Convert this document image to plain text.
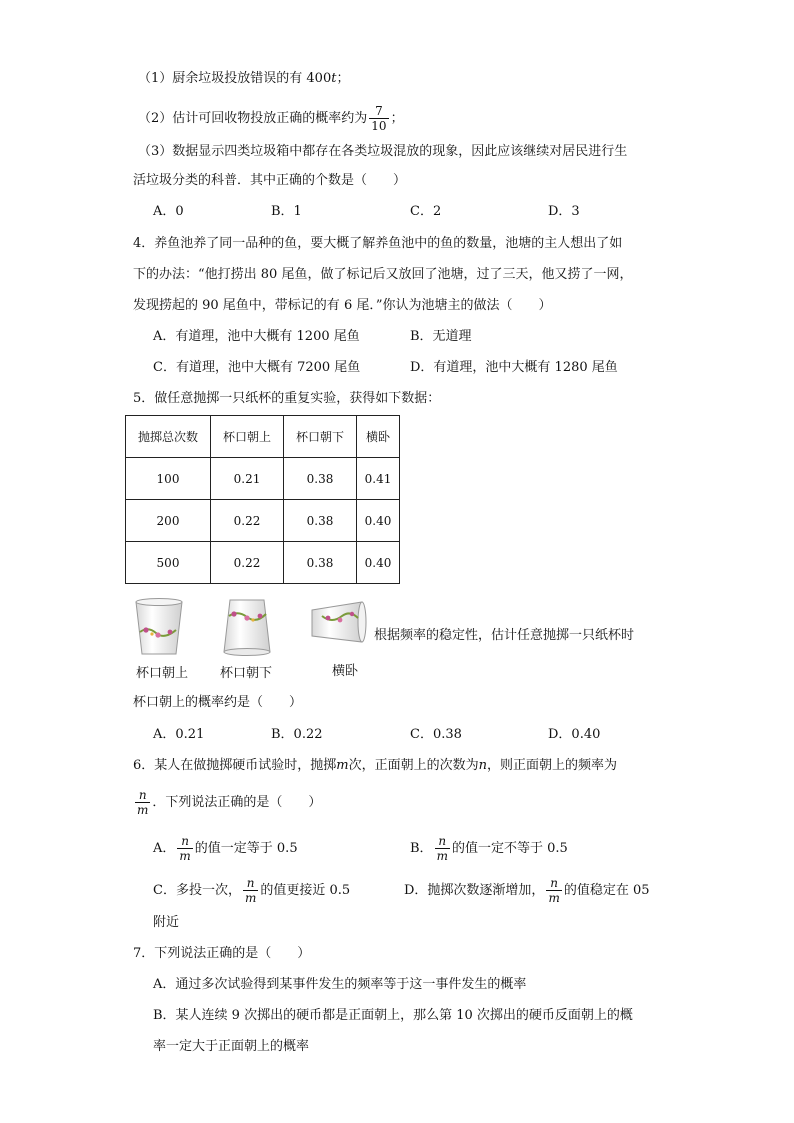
（1）厨余垃圾投放错误的有 400t；
（2）估计可回收物投放正确的概率约为 $\frac{7}{10}$ ；
（3）数据显示四类垃圾箱中都存在各类垃圾混放的现象，因此应该继续对居民进行生
活垃圾分类的科普．其中正确的个数是（　　）
A．0	B．1	C．2	D．3
4．养鱼池养了同一品种的鱼，要大概了解养鱼池中的鱼的数量，池塘的主人想出了如
下的办法：“他打捞出 80 尾鱼，做了标记后又放回了池塘，过了三天，他又捞了一网，
发现捞起的 90 尾鱼中，带标记的有 6 尾．”你认为池塘主的做法（　　）
A．有道理，池中大概有 1200 尾鱼	B．无道理
C．有道理，池中大概有 7200 尾鱼	D．有道理，池中大概有 1280 尾鱼
5．做任意抛掷一只纸杯的重复实验，获得如下数据：
抛掷总次数	杯口朝上	杯口朝下	横卧
100	0.21	0.38	0.41
200	0.22	0.38	0.40
500	0.22	0.38	0.40
杯口朝上 杯口朝下	横卧
根据频率的稳定性，估计任意抛掷一只纸杯时
杯口朝上的概率约是（　　）
A．0.21	B．0.22	C．0.38	D．0.40
6．某人在做抛掷硬币试验时，抛掷m次，正面朝上的次数为n，则正面朝上的频率为
$\frac{n}{m}$ ．下列说法正确的是（　　）
A． $\frac{n}{m}$ 的值一定等于 0.5	B． $\frac{n}{m}$ 的值一定不等于 0.5
C．多投一次， $\frac{n}{m}$ 的值更接近 0.5	D．抛掷次数逐渐增加， $\frac{n}{m}$ 的值稳定在 05
附近
7．下列说法正确的是（　　）
A．通过多次试验得到某事件发生的频率等于这一事件发生的概率
B．某人连续 9 次掷出的硬币都是正面朝上，那么第 10 次掷出的硬币反面朝上的概
率一定大于正面朝上的概率
